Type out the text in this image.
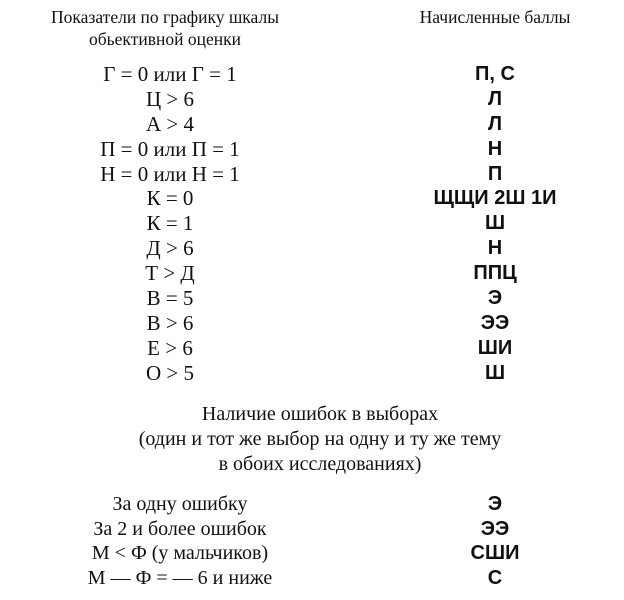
Показатели по графику шкалы
обьективной оценки
Начисленные баллы
Г = 0 или Г = 1	П, С
Ц > 6	Л
А > 4	Л
П = 0 или П = 1	Н
Н = 0 или Н = 1	П
К = 0	ЩЩИ 2Ш 1И
К = 1	Ш
Д > 6	Н
Т > Д	ППЦ
В = 5	Э
В > 6	ЭЭ
Е > 6	ШИ
О > 5	Ш
Наличие ошибок в выборах
(один и тот же выбор на одну и ту же тему
в обоих исследованиях)
За одну ошибку	Э
За 2 и более ошибок	ЭЭ
М < Ф (у мальчиков)	СШИ
М — Ф = — 6 и ниже	С
